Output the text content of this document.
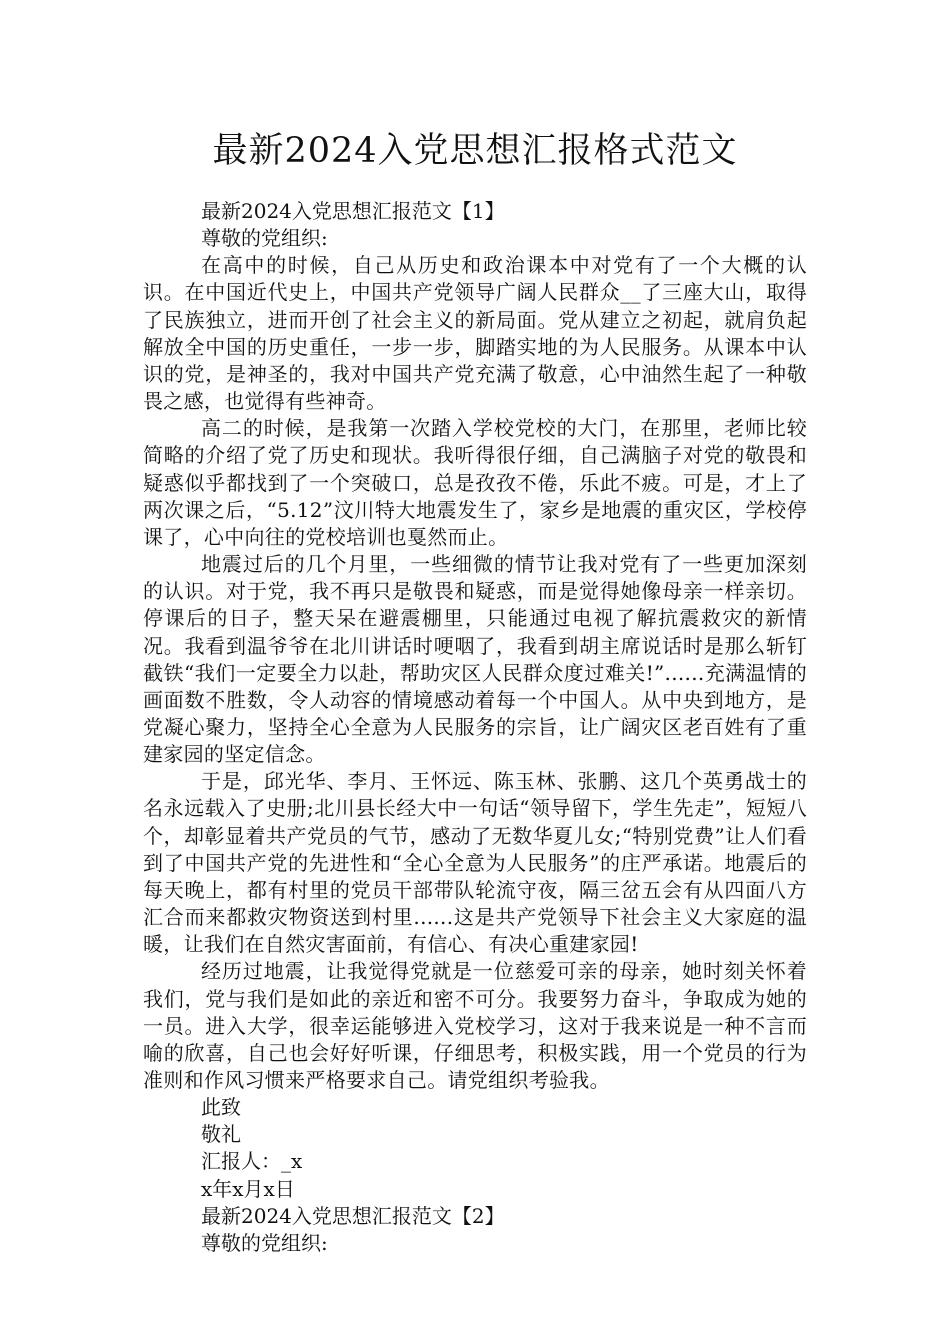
最新2024入党思想汇报格式范文

最新2024入党思想汇报范文【1】

尊敬的党组织:

在高中的时候，自己从历史和政治课本中对党有了一个大概的认识。在中国近代史上，中国共产党领导广阔人民群众__了三座大山，取得了民族独立，进而开创了社会主义的新局面。党从建立之初起，就肩负起解放全中国的历史重任，一步一步，脚踏实地的为人民服务。从课本中认识的党，是神圣的，我对中国共产党充满了敬意，心中油然生起了一种敬畏之感，也觉得有些神奇。

高二的时候，是我第一次踏入学校党校的大门，在那里，老师比较简略的介绍了党了历史和现状。我听得很仔细，自己满脑子对党的敬畏和疑惑似乎都找到了一个突破口，总是孜孜不倦，乐此不疲。可是，才上了两次课之后，“5.12”汶川特大地震发生了，家乡是地震的重灾区，学校停课了，心中向往的党校培训也戛然而止。

地震过后的几个月里，一些细微的情节让我对党有了一些更加深刻的认识。对于党，我不再只是敬畏和疑惑，而是觉得她像母亲一样亲切。停课后的日子，整天呆在避震棚里，只能通过电视了解抗震救灾的新情况。我看到温爷爷在北川讲话时哽咽了，我看到胡主席说话时是那么斩钉截铁“我们一定要全力以赴，帮助灾区人民群众度过难关!”......充满温情的画面数不胜数，令人动容的情境感动着每一个中国人。从中央到地方，是党凝心聚力，坚持全心全意为人民服务的宗旨，让广阔灾区老百姓有了重建家园的坚定信念。

于是，邱光华、李月、王怀远、陈玉林、张鹏、这几个英勇战士的名永远载入了史册;北川县长经大中一句话“领导留下，学生先走”，短短八个，却彰显着共产党员的气节，感动了无数华夏儿女;“特别党费”让人们看到了中国共产党的先进性和“全心全意为人民服务”的庄严承诺。地震后的每天晚上，都有村里的党员干部带队轮流守夜，隔三岔五会有从四面八方汇合而来都救灾物资送到村里......这是共产党领导下社会主义大家庭的温暖，让我们在自然灾害面前，有信心、有决心重建家园!

经历过地震，让我觉得党就是一位慈爱可亲的母亲，她时刻关怀着我们，党与我们是如此的亲近和密不可分。我要努力奋斗，争取成为她的一员。进入大学，很幸运能够进入党校学习，这对于我来说是一种不言而喻的欣喜，自己也会好好听课，仔细思考，积极实践，用一个党员的行为准则和作风习惯来严格要求自己。请党组织考验我。

此致

敬礼

汇报人：_x

x年x月x日

最新2024入党思想汇报范文【2】

尊敬的党组织:
